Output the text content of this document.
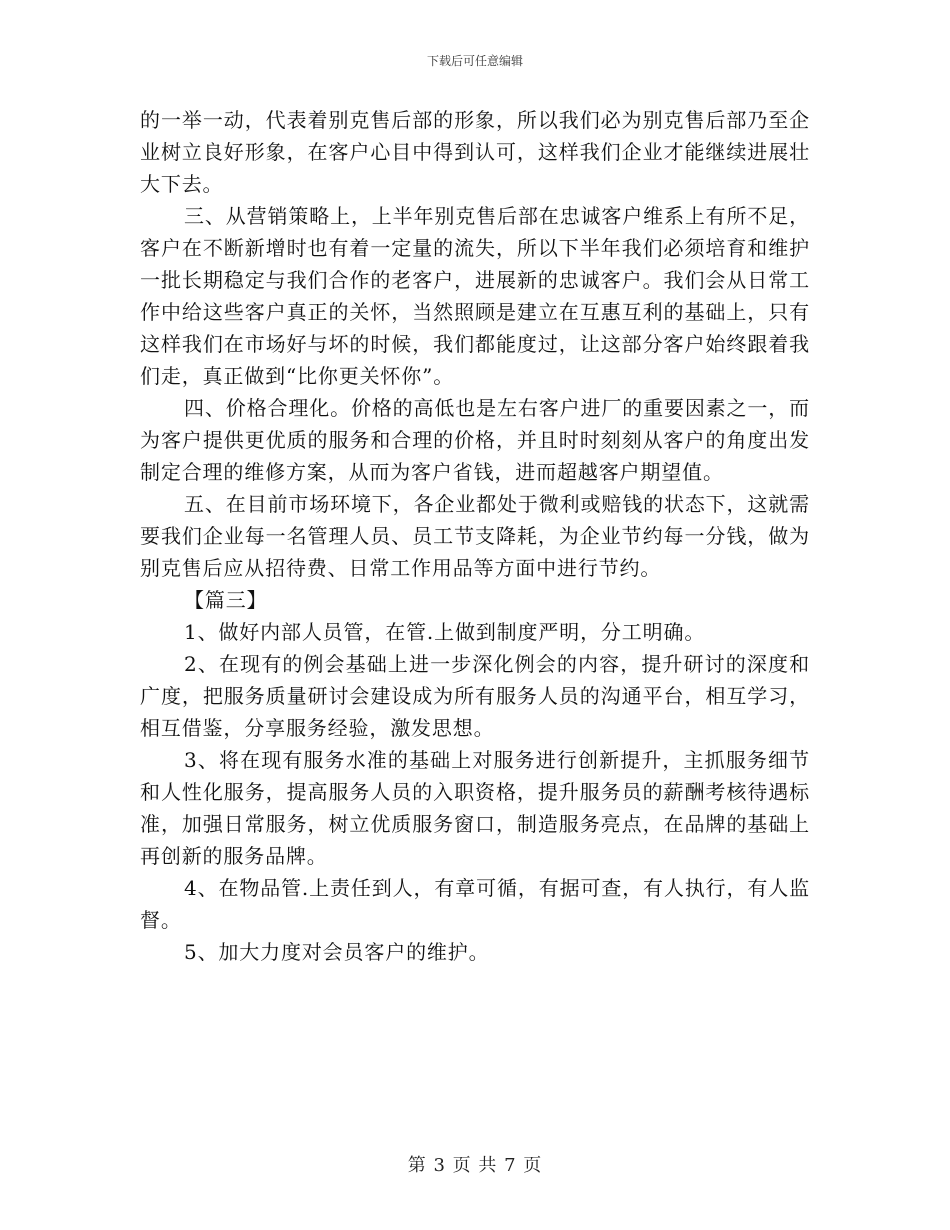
下载后可任意编辑

的一举一动，代表着别克售后部的形象，所以我们必为别克售后部乃至企业树立良好形象，在客户心目中得到认可，这样我们企业才能继续进展壮大下去。

三、从营销策略上，上半年别克售后部在忠诚客户维系上有所不足，客户在不断新增时也有着一定量的流失，所以下半年我们必须培育和维护一批长期稳定与我们合作的老客户，进展新的忠诚客户。我们会从日常工作中给这些客户真正的关怀，当然照顾是建立在互惠互利的基础上，只有这样我们在市场好与坏的时候，我们都能度过，让这部分客户始终跟着我们走，真正做到“比你更关怀你”。

四、价格合理化。价格的高低也是左右客户进厂的重要因素之一，而为客户提供更优质的服务和合理的价格，并且时时刻刻从客户的角度出发制定合理的维修方案，从而为客户省钱，进而超越客户期望值。

五、在目前市场环境下，各企业都处于微利或赔钱的状态下，这就需要我们企业每一名管理人员、员工节支降耗，为企业节约每一分钱，做为别克售后应从招待费、日常工作用品等方面中进行节约。

【篇三】

1、做好内部人员管，在管.上做到制度严明，分工明确。

2、在现有的例会基础上进一步深化例会的内容，提升研讨的深度和广度，把服务质量研讨会建设成为所有服务人员的沟通平台，相互学习，相互借鉴，分享服务经验，激发思想。

3、将在现有服务水准的基础上对服务进行创新提升，主抓服务细节和人性化服务，提高服务人员的入职资格，提升服务员的薪酬考核待遇标准，加强日常服务，树立优质服务窗口，制造服务亮点，在品牌的基础上再创新的服务品牌。

4、在物品管.上责任到人，有章可循，有据可查，有人执行，有人监督。

5、加大力度对会员客户的维护。

第 3 页 共 7 页
